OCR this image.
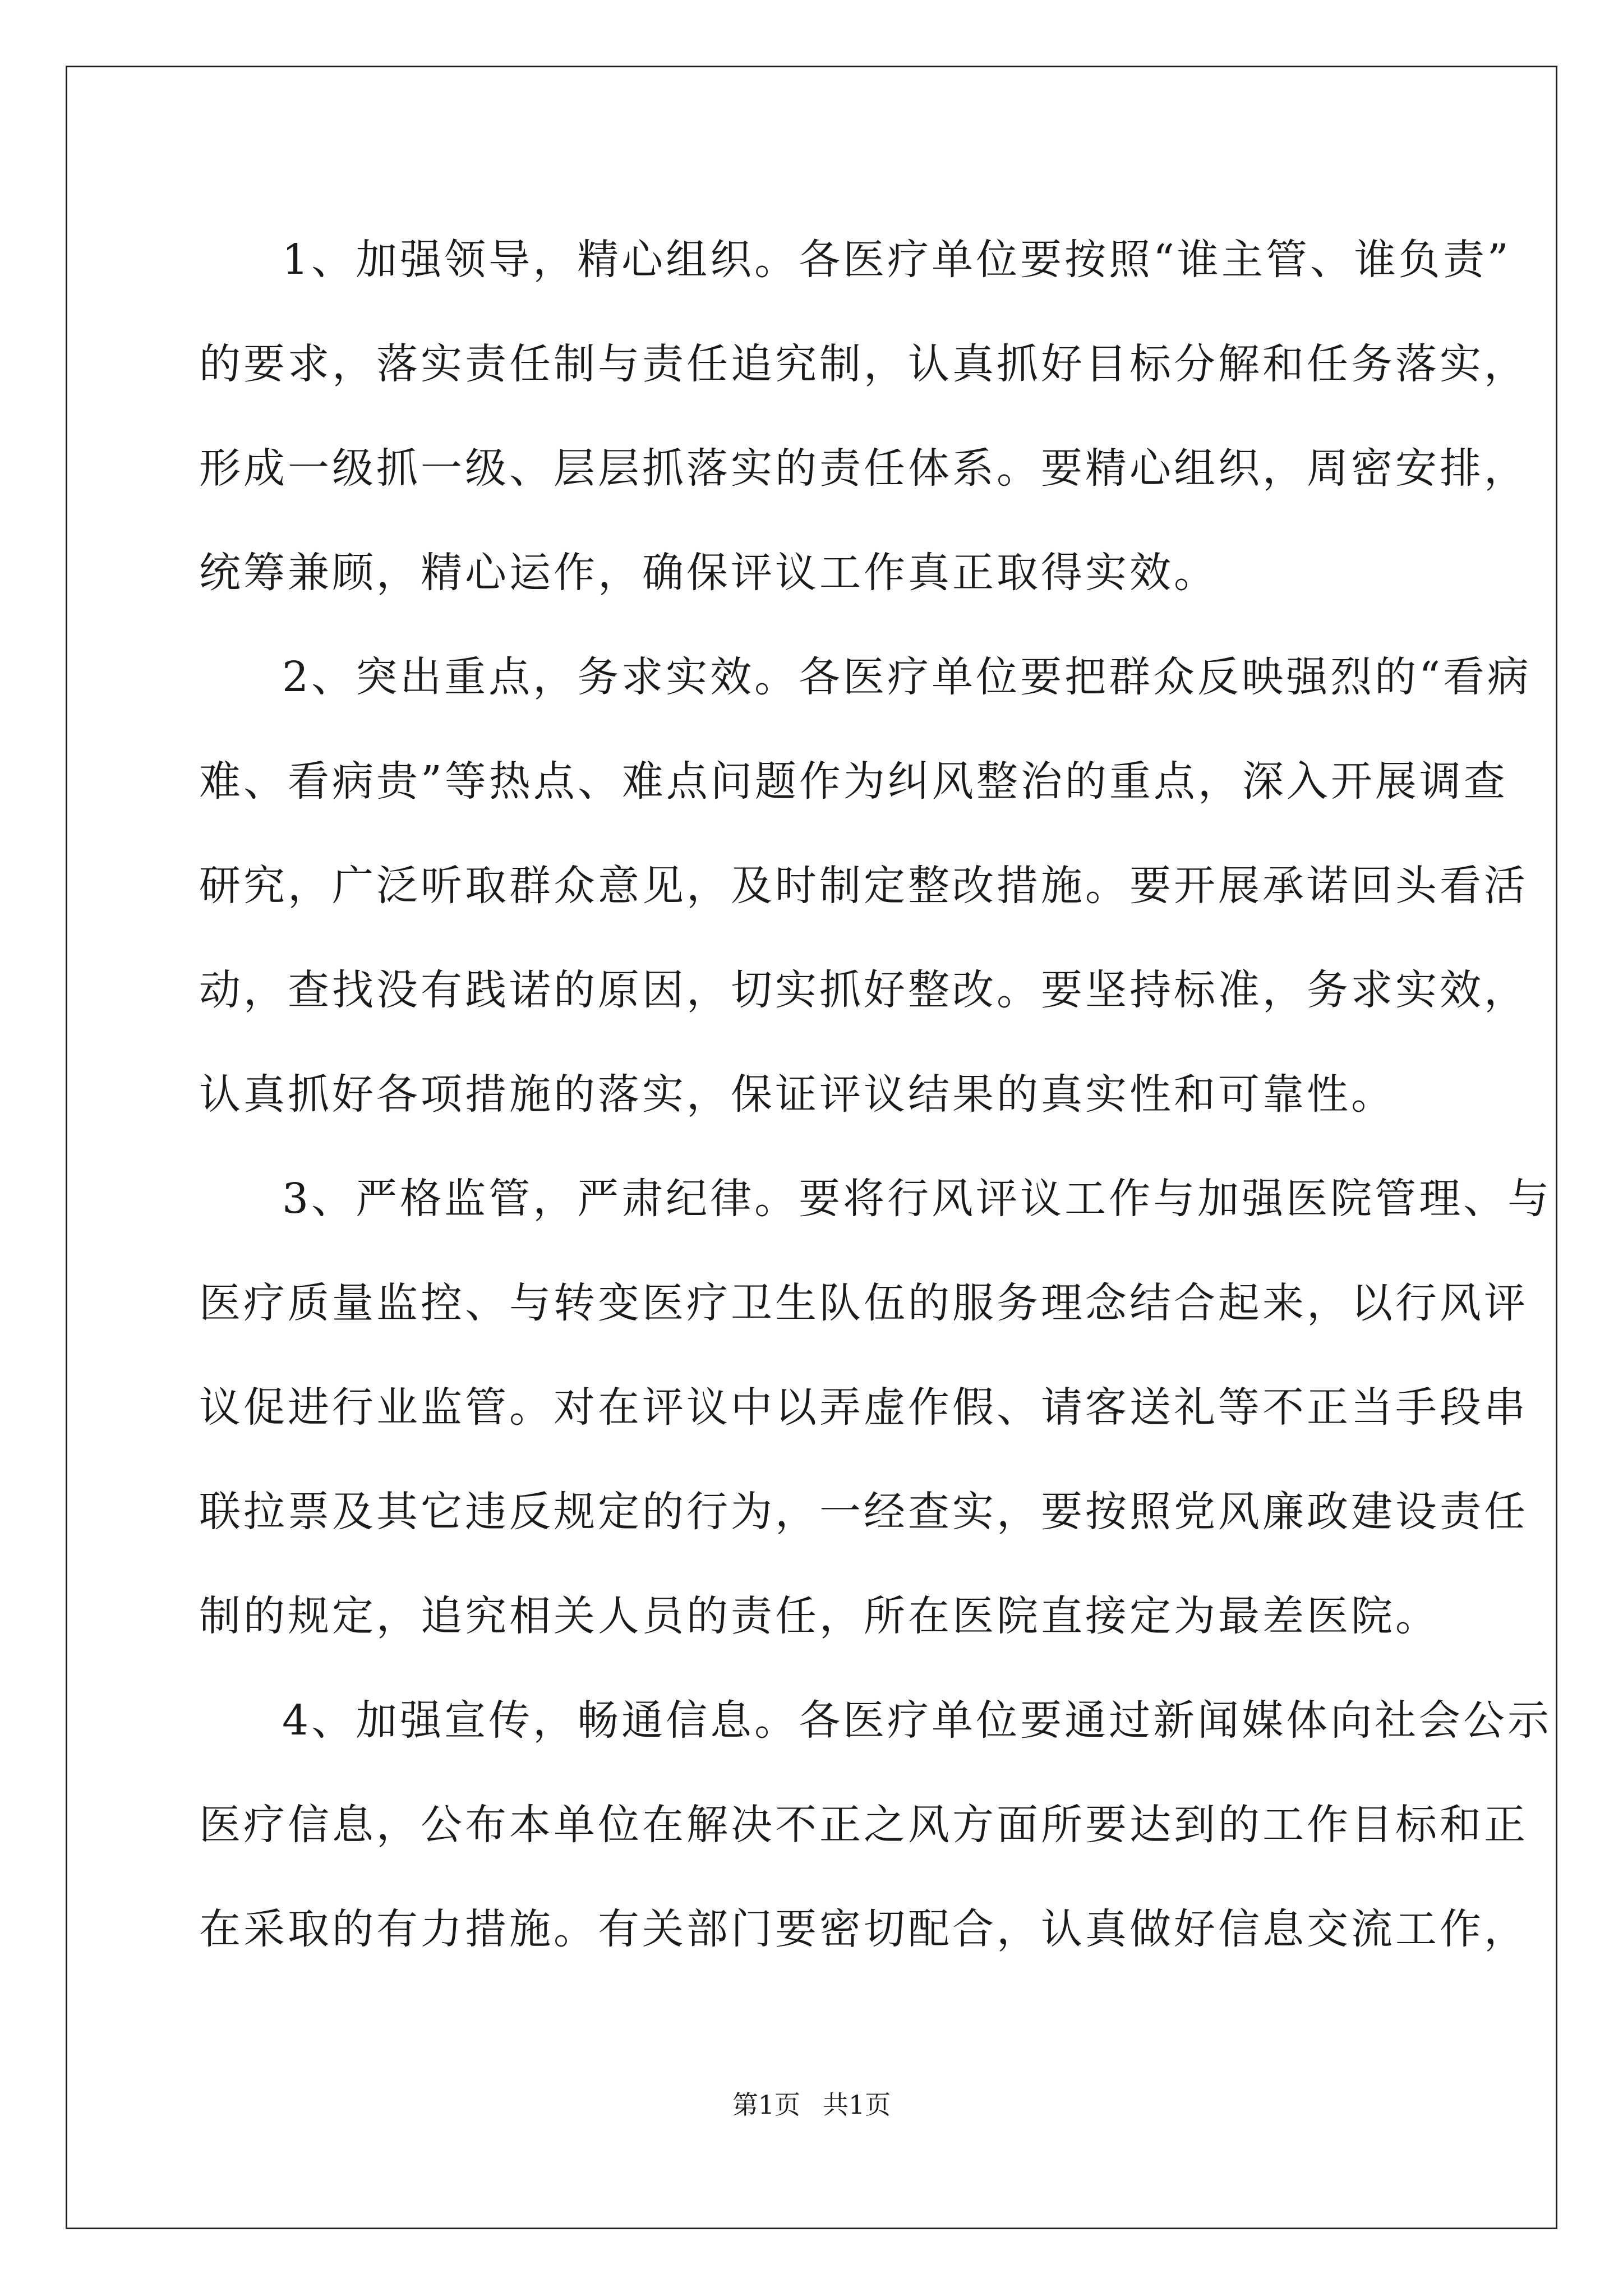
1、加强领导，精心组织。各医疗单位要按照“谁主管、谁负责”
的要求，落实责任制与责任追究制，认真抓好目标分解和任务落实，
形成一级抓一级、层层抓落实的责任体系。要精心组织，周密安排，
统筹兼顾，精心运作，确保评议工作真正取得实效。
2、突出重点，务求实效。各医疗单位要把群众反映强烈的“看病
难、看病贵”等热点、难点问题作为纠风整治的重点，深入开展调查
研究，广泛听取群众意见，及时制定整改措施。要开展承诺回头看活
动，查找没有践诺的原因，切实抓好整改。要坚持标准，务求实效，
认真抓好各项措施的落实，保证评议结果的真实性和可靠性。
3、严格监管，严肃纪律。要将行风评议工作与加强医院管理、与
医疗质量监控、与转变医疗卫生队伍的服务理念结合起来，以行风评
议促进行业监管。对在评议中以弄虚作假、请客送礼等不正当手段串
联拉票及其它违反规定的行为，一经查实，要按照党风廉政建设责任
制的规定，追究相关人员的责任，所在医院直接定为最差医院。
4、加强宣传，畅通信息。各医疗单位要通过新闻媒体向社会公示
医疗信息，公布本单位在解决不正之风方面所要达到的工作目标和正
在采取的有力措施。有关部门要密切配合，认真做好信息交流工作，
第1页 共1页
